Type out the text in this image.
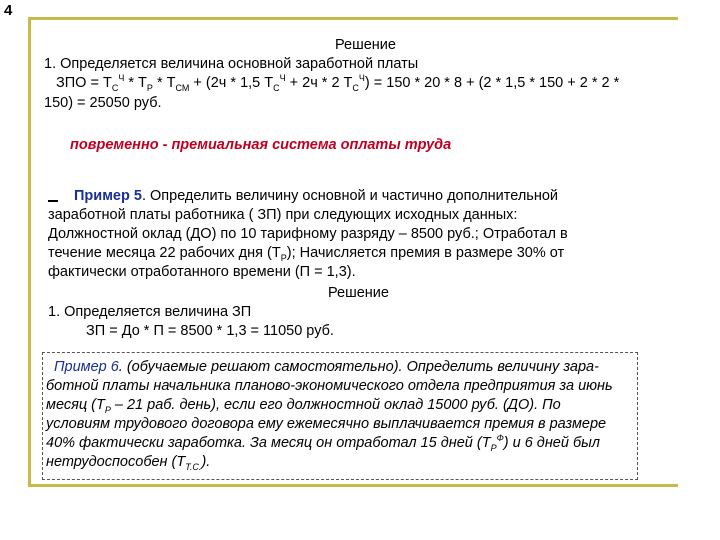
4
Решение
1. Определяется величина основной заработной платы
ЗПО = $Т_С^Ч * Т_Р * Т_{СМ} + (2ч * 1,5$ $Т_С^Ч + 2ч * 2$ $Т_С^Ч) = 150 * 20 * 8 + (2 * 1,5 * 150 + 2 * 2$ *
150) = 25050 руб.
повременно - премиальная система оплаты труда
Пример 5. Определить величину основной и частично дополнительной
заработной платы работника ( ЗП) при следующих исходных данных:
Должностной оклад (ДО) по 10 тарифному разряду – 8500 руб.; Отработал в
течение месяца 22 рабочих дня $(Т_Р)$; Начисляется премия в размере 30% от
фактически отработанного времени (П = 1,3).
Решение
1. Определяется величина ЗП
ЗП = До * П = 8500 * 1,3 = 11050 руб.
Пример 6. (обучаемые решают самостоятельно). Определить величину зара-
ботной платы начальника планово-экономического отдела предприятия за июнь
месяц ($Т_Р - 21$ раб. день), если его должностной оклад 15000 руб. (ДО). По
условиям трудового договора ему ежемесячно выплачивается премия в размере
40% фактически заработка. За месяц он отработал 15 дней $(Т_Р^Ф)$ и 6 дней был
нетрудоспособен $(Т_{Т.С.})$.
